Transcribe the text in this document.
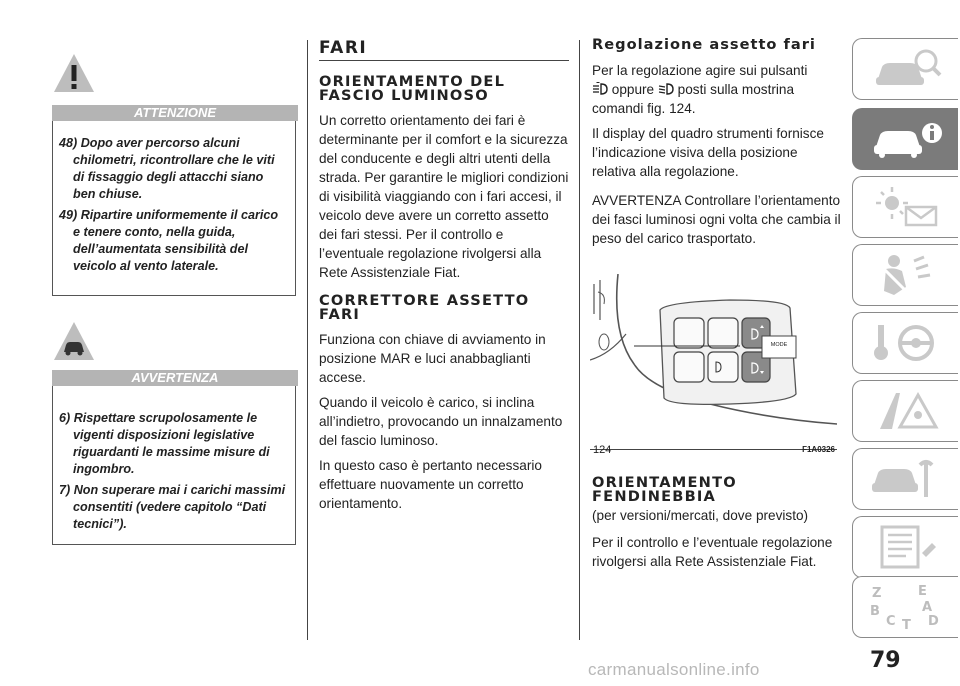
ATTENZIONE

48) Dopo aver percorso alcuni chilometri, ricontrollare che le viti di fissaggio degli attacchi siano ben chiuse.

49) Ripartire uniformemente il carico e tenere conto, nella guida, dell’aumentata sensibilità del veicolo al vento laterale.

AVVERTENZA

6) Rispettare scrupolosamente le vigenti disposizioni legislative riguardanti le massime misure di ingombro.

7) Non superare mai i carichi massimi consentiti (vedere capitolo “Dati tecnici”).

FARI

ORIENTAMENTO DEL FASCIO LUMINOSO

Un corretto orientamento dei fari è determinante per il comfort e la sicurezza del conducente e degli altri utenti della strada. Per garantire le migliori condizioni di visibilità viaggiando con i fari accesi, il veicolo deve avere un corretto assetto dei fari stessi. Per il controllo e l’eventuale regolazione rivolgersi alla Rete Assistenziale Fiat.

CORRETTORE ASSETTO FARI

Funziona con chiave di avviamento in posizione MAR e luci anabbaglianti accese.

Quando il veicolo è carico, si inclina all’indietro, provocando un innalzamento del fascio luminoso.

In questo caso è pertanto necessario effettuare nuovamente un corretto orientamento.

Regolazione assetto fari

Per la regolazione agire sui pulsanti
oppure posti sulla mostrina comandi fig. 124.

Il display del quadro strumenti fornisce l’indicazione visiva della posizione relativa alla regolazione.

AVVERTENZA Controllare l’orientamento dei fasci luminosi ogni volta che cambia il peso del carico trasportato.

MODE
124	F1A0326

ORIENTAMENTO FENDINEBBIA

(per versioni/mercati, dove previsto)

Per il controllo e l’eventuale regolazione rivolgersi alla Rete Assistenziale Fiat.

Z	E
A
B
C T D
79
carmanualsonline.info
